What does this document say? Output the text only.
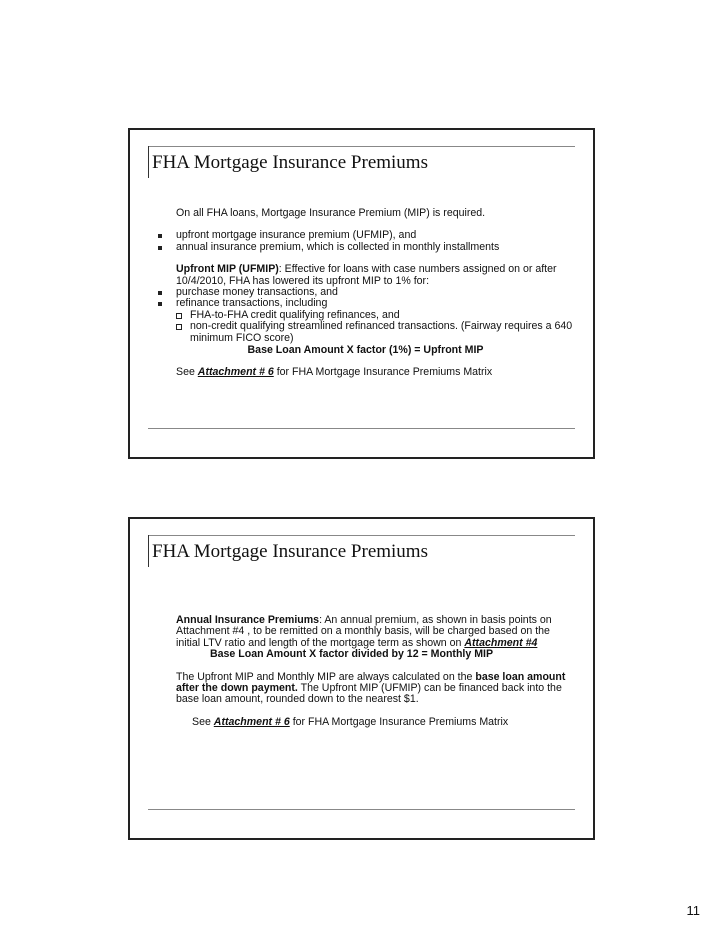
FHA Mortgage Insurance Premiums

On all FHA loans, Mortgage Insurance Premium (MIP) is required.

upfront mortgage insurance premium (UFMIP), and
annual insurance premium, which is collected in monthly installments

Upfront MIP (UFMIP): Effective for loans with case numbers assigned on or after 10/4/2010, FHA has lowered its upfront MIP to 1% for:

purchase money transactions, and
refinance transactions, including
FHA-to-FHA credit qualifying refinances, and
non-credit qualifying streamlined refinanced transactions. (Fairway requires a 640 minimum FICO score)

Base Loan Amount X factor (1%) = Upfront MIP

See Attachment # 6 for FHA Mortgage Insurance Premiums Matrix

FHA Mortgage Insurance Premiums

Annual Insurance Premiums: An annual premium, as shown in basis points on Attachment #4 , to be remitted on a monthly basis, will be charged based on the initial LTV ratio and length of the mortgage term as shown on Attachment #4

Base Loan Amount X factor divided by 12 = Monthly MIP

The Upfront MIP and Monthly MIP are always calculated on the base loan amount after the down payment. The Upfront MIP (UFMIP) can be financed back into the base loan amount, rounded down to the nearest $1.

See Attachment # 6 for FHA Mortgage Insurance Premiums Matrix

11
